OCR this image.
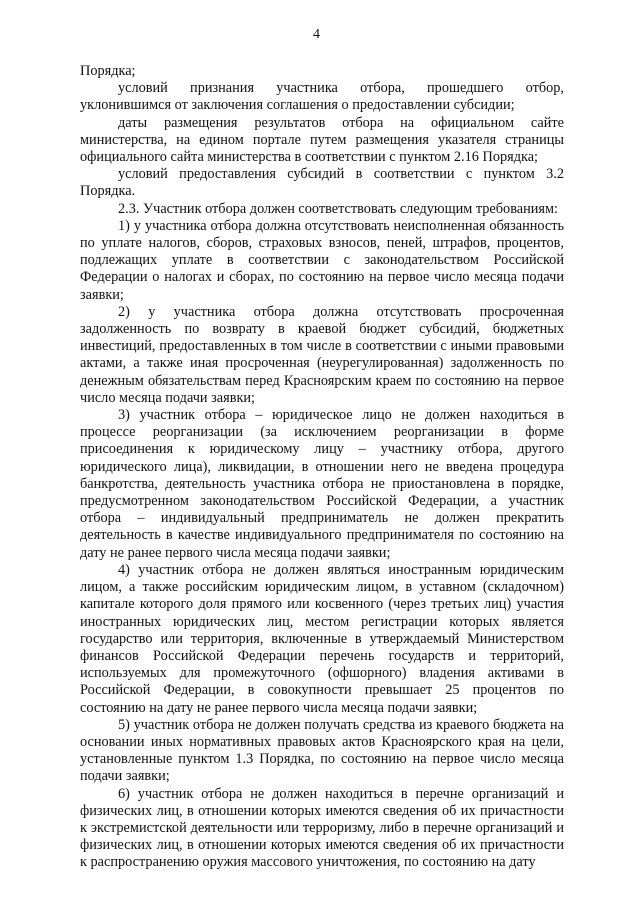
4

Порядка;

условий признания участника отбора, прошедшего отбор, уклонившимся от заключения соглашения о предоставлении субсидии;

даты размещения результатов отбора на официальном сайте министерства, на едином портале путем размещения указателя страницы официального сайта министерства в соответствии с пунктом 2.16 Порядка;

условий предоставления субсидий в соответствии с пунктом 3.2 Порядка.

2.3. Участник отбора должен соответствовать следующим требованиям:

1) у участника отбора должна отсутствовать неисполненная обязанность по уплате налогов, сборов, страховых взносов, пеней, штрафов, процентов, подлежащих уплате в соответствии с законодательством Российской Федерации о налогах и сборах, по состоянию на первое число месяца подачи заявки;

2) у участника отбора должна отсутствовать просроченная задолженность по возврату в краевой бюджет субсидий, бюджетных инвестиций, предоставленных в том числе в соответствии с иными правовыми актами, а также иная просроченная (неурегулированная) задолженность по денежным обязательствам перед Красноярским краем по состоянию на первое число месяца подачи заявки;

3) участник отбора – юридическое лицо не должен находиться в процессе реорганизации (за исключением реорганизации в форме присоединения к юридическому лицу – участнику отбора, другого юридического лица), ликвидации, в отношении него не введена процедура банкротства, деятельность участника отбора не приостановлена в порядке, предусмотренном законодательством Российской Федерации, а участник отбора – индивидуальный предприниматель не должен прекратить деятельность в качестве индивидуального предпринимателя по состоянию на дату не ранее первого числа месяца подачи заявки;

4) участник отбора не должен являться иностранным юридическим лицом, а также российским юридическим лицом, в уставном (складочном) капитале которого доля прямого или косвенного (через третьих лиц) участия иностранных юридических лиц, местом регистрации которых является государство или территория, включенные в утверждаемый Министерством финансов Российской Федерации перечень государств и территорий, используемых для промежуточного (офшорного) владения активами в Российской Федерации, в совокупности превышает 25 процентов по состоянию на дату не ранее первого числа месяца подачи заявки;

5) участник отбора не должен получать средства из краевого бюджета на основании иных нормативных правовых актов Красноярского края на цели, установленные пунктом 1.3 Порядка, по состоянию на первое число месяца подачи заявки;

6) участник отбора не должен находиться в перечне организаций и физических лиц, в отношении которых имеются сведения об их причастности к экстремистской деятельности или терроризму, либо в перечне организаций и физических лиц, в отношении которых имеются сведения об их причастности к распространению оружия массового уничтожения, по состоянию на дату
